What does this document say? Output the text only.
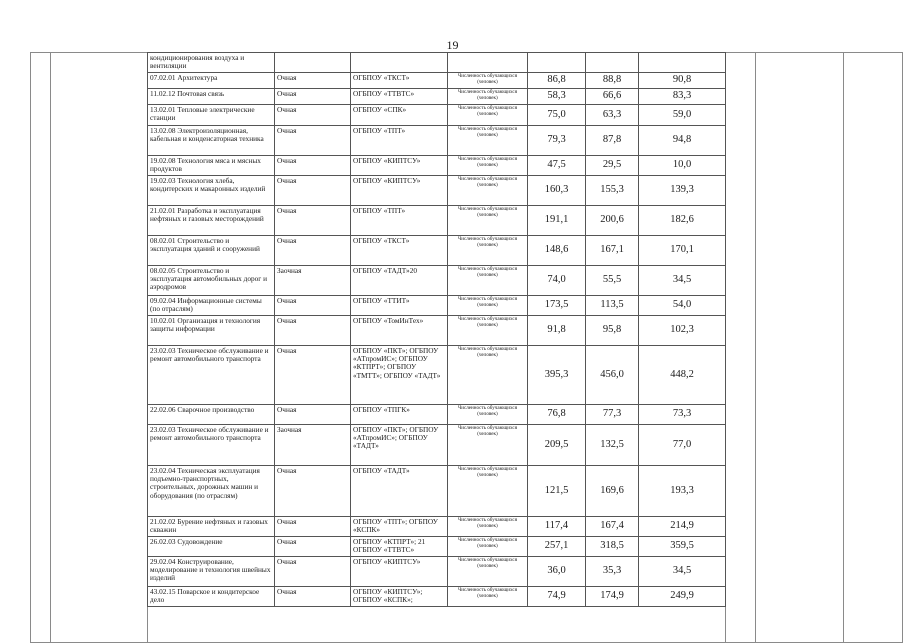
19

кондиционирования воздуха и вентиляции						
07.02.01 Архитектура	Очная	ОГБПОУ «ТКСТ»	Численность обучающихся (человек)	86,8	88,8	90,8
11.02.12 Почтовая связь	Очная	ОГБПОУ «ТТВТС»	Численность обучающихся (человек)	58,3	66,6	83,3
13.02.01 Тепловые электрические станции	Очная	ОГБПОУ «СПК»	Численность обучающихся (человек)	75,0	63,3	59,0
13.02.08 Электроизоляционная, кабельная и конденсаторная техника	Очная	ОГБПОУ «ТПТ»	Численность обучающихся (человек)	79,3	87,8	94,8
19.02.08 Технология мяса и мясных продуктов	Очная	ОГБПОУ «КИПТСУ»	Численность обучающихся (человек)	47,5	29,5	10,0
19.02.03 Технология хлеба, кондитерских и макаронных изделий	Очная	ОГБПОУ «КИПТСУ»	Численность обучающихся (человек)	160,3	155,3	139,3
21.02.01 Разработка и эксплуатация нефтяных и газовых месторождений	Очная	ОГБПОУ «ТПТ»	Численность обучающихся (человек)	191,1	200,6	182,6
08.02.01 Строительство и эксплуатация зданий и сооружений	Очная	ОГБПОУ «ТКСТ»	Численность обучающихся (человек)	148,6	167,1	170,1
08.02.05 Строительство и эксплуатация автомобильных дорог и аэродромов	Заочная	ОГБПОУ «ТАДТ»20	Численность обучающихся (человек)	74,0	55,5	34,5
09.02.04 Информационные системы (по отраслям)	Очная	ОГБПОУ «ТТИТ»	Численность обучающихся (человек)	173,5	113,5	54,0
10.02.01 Организация и технология защиты информации	Очная	ОГБПОУ «ТомИнТех»	Численность обучающихся (человек)	91,8	95,8	102,3
23.02.03 Техническое обслуживание и ремонт автомобильного транспорта	Очная	ОГБПОУ «ПКТ»; ОГБПОУ «АТпромИС»; ОГБПОУ «КТПРТ»; ОГБПОУ «ТМТТ»; ОГБПОУ «ТАДТ»	Численность обучающихся (человек)	395,3	456,0	448,2
22.02.06 Сварочное производство	Очная	ОГБПОУ «ТПГК»	Численность обучающихся (человек)	76,8	77,3	73,3
23.02.03 Техническое обслуживание и ремонт автомобильного транспорта	Заочная	ОГБПОУ «ПКТ»; ОГБПОУ «АТпромИС»; ОГБПОУ «ТАДТ»	Численность обучающихся (человек)	209,5	132,5	77,0
23.02.04 Техническая эксплуатация подъемно-транспортных, строительных, дорожных машин и оборудования (по отраслям)	Очная	ОГБПОУ «ТАДТ»	Численность обучающихся (человек)	121,5	169,6	193,3
21.02.02 Бурение нефтяных и газовых скважин	Очная	ОГБПОУ «ТПТ»; ОГБПОУ «КСПК»	Численность обучающихся (человек)	117,4	167,4	214,9
26.02.03 Судовождение	Очная	ОГБПОУ «КТПРТ»; 21 ОГБПОУ «ТТВТС»	Численность обучающихся (человек)	257,1	318,5	359,5
29.02.04 Конструирование, моделирование и технология швейных изделий	Очная	ОГБПОУ «КИПТСУ»	Численность обучающихся (человек)	36,0	35,3	34,5
43.02.15 Поварское и кондитерское дело	Очная	ОГБПОУ «КИПТСУ»; ОГБПОУ «КСПК»;	Численность обучающихся (человек)	74,9	174,9	249,9
